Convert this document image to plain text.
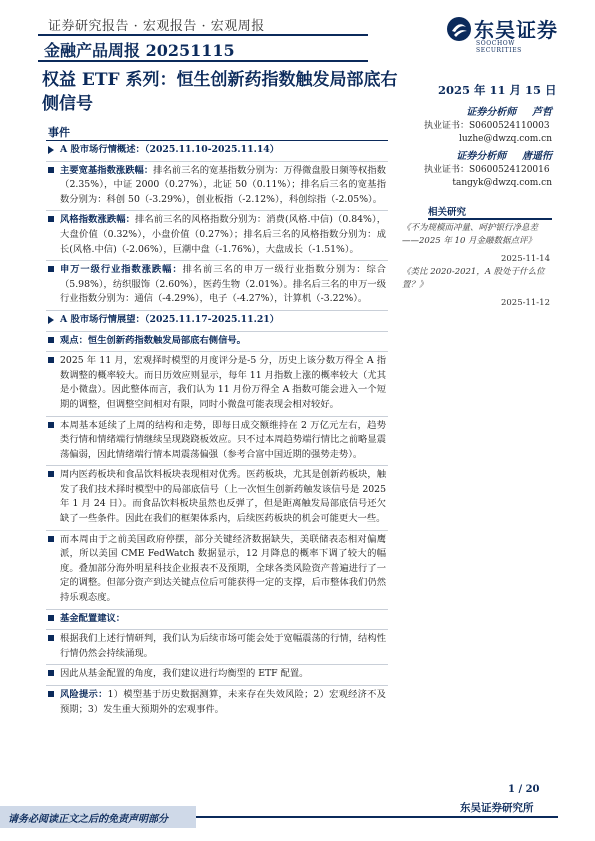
证券研究报告 · 宏观报告 · 宏观周报
金融产品周报 20251115
东吴证券
SOOCHOW SECURITIES
权益 ETF 系列：恒生创新药指数触发局部底右侧信号
2025 年 11 月 15 日
事件
A 股市场行情概述：（2025.11.10-2025.11.14）
主要宽基指数涨跌幅：排名前三名的宽基指数分别为：万得微盘股日频等权指数（2.35%），中证 2000（0.27%），北证 50（0.11%）；排名后三名的宽基指数分别为：科创 50（-3.29%），创业板指（-2.12%），科创综指（-2.05%）。
风格指数涨跌幅：排名前三名的风格指数分别为：消费(风格.中信)（0.84%），大盘价值（0.32%），小盘价值（0.27%）；排名后三名的风格指数分别为：成长(风格.中信)（-2.06%），巨潮中盘（-1.76%），大盘成长（-1.51%）。
申万一级行业指数涨跌幅：排名前三名的申万一级行业指数分别为：综合（5.98%），纺织服饰（2.60%），医药生物（2.01%）。排名后三名的申万一级行业指数分别为：通信（-4.29%），电子（-4.27%），计算机（-3.22%）。
A 股市场行情展望：（2025.11.17-2025.11.21）
观点：恒生创新药指数触发局部底右侧信号。
2025 年 11 月，宏观择时模型的月度评分是-5 分，历史上该分数万得全 A 指数调整的概率较大。而日历效应则显示，每年 11 月指数上涨的概率较大（尤其是小微盘）。因此整体而言，我们认为 11 月份万得全 A 指数可能会进入一个短期的调整，但调整空间相对有限，同时小微盘可能表现会相对较好。
本周基本延续了上周的结构和走势，即每日成交额维持在 2 万亿元左右，趋势类行情和情绪端行情继续呈现跷跷板效应。只不过本周趋势端行情比之前略显震荡偏弱，因此情绪端行情本周震荡偏强（参考合富中国近期的强势走势）。
周内医药板块和食品饮料板块表现相对优秀。医药板块，尤其是创新药板块，触发了我们技术择时模型中的局部底信号（上一次恒生创新药触发该信号是 2025 年 1 月 24 日）。而食品饮料板块虽然也反弹了，但是距离触发局部底信号还欠缺了一些条件。因此在我们的框架体系内，后续医药板块的机会可能更大一些。
而本周由于之前美国政府停摆，部分关键经济数据缺失，美联储表态相对偏鹰派，所以美国 CME FedWatch 数据显示，12 月降息的概率下调了较大的幅度。叠加部分海外明星科技企业报表不及预期，全球各类风险资产普遍进行了一定的调整。但部分资产到达关键点位后可能获得一定的支撑，后市整体我们仍然持乐观态度。
基金配置建议：
根据我们上述行情研判，我们认为后续市场可能会处于宽幅震荡的行情，结构性行情仍然会持续涌现。
因此从基金配置的角度，我们建议进行均衡型的 ETF 配置。
风险提示：1）模型基于历史数据测算，未来存在失效风险；2）宏观经济不及预期；3）发生重大预期外的宏观事件。
证券分析师 芦哲
执业证书：S0600524110003
luzhe@dwzq.com.cn
证券分析师 唐遥衎
执业证书：S0600524120016
tangyk@dwzq.com.cn
相关研究
《不为规模而冲量、呵护银行净息差——2025 年 10 月金融数据点评》
2025-11-14
《类比 2020-2021，A 股处于什么位置？》
2025-11-12
1 / 20
请务必阅读正文之后的免责声明部分
东吴证券研究所
